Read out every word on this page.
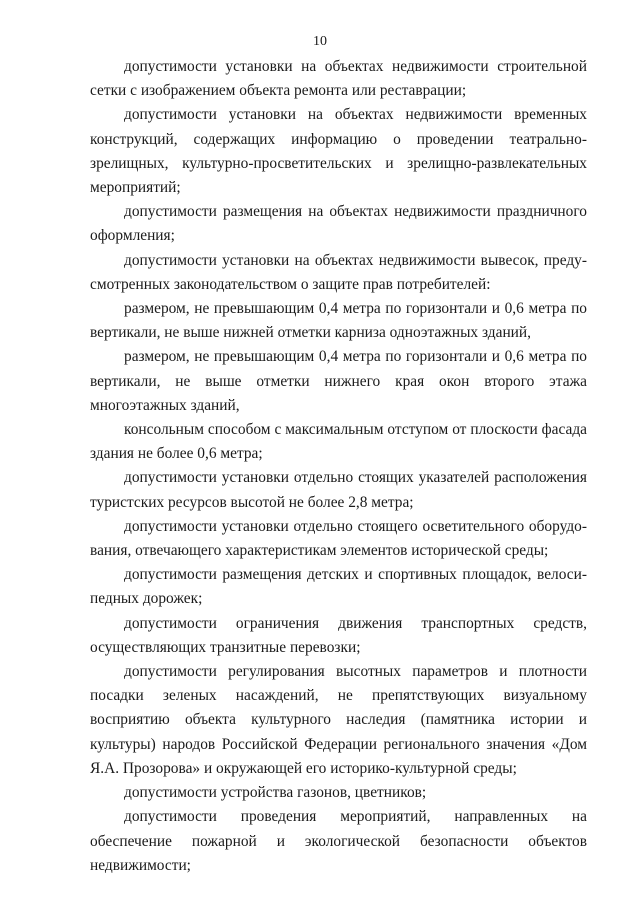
10

допустимости установки на объектах недвижимости строительной сетки с изображением объекта ремонта или реставрации;

допустимости установки на объектах недвижимости временных конструкций, содержащих информацию о проведении театрально-зрелищных, культурно-просветительских и зрелищно-развлекательных мероприятий;

допустимости размещения на объектах недвижимости праздничного оформления;

допустимости установки на объектах недвижимости вывесок, предусмотренных законодательством о защите прав потребителей:

размером, не превышающим 0,4 метра по горизонтали и 0,6 метра по вертикали, не выше нижней отметки карниза одноэтажных зданий,

размером, не превышающим 0,4 метра по горизонтали и 0,6 метра по вертикали, не выше отметки нижнего края окон второго этажа многоэтажных зданий,

консольным способом с максимальным отступом от плоскости фасада здания не более 0,6 метра;

допустимости установки отдельно стоящих указателей расположения туристских ресурсов высотой не более 2,8 метра;

допустимости установки отдельно стоящего осветительного оборудования, отвечающего характеристикам элементов исторической среды;

допустимости размещения детских и спортивных площадок, велосипедных дорожек;

допустимости ограничения движения транспортных средств, осуществляющих транзитные перевозки;

допустимости регулирования высотных параметров и плотности посадки зеленых насаждений, не препятствующих визуальному восприятию объекта культурного наследия (памятника истории и культуры) народов Российской Федерации регионального значения «Дом Я.А. Прозорова» и окружающей его историко-культурной среды;

допустимости устройства газонов, цветников;

допустимости проведения мероприятий, направленных на обеспечение пожарной и экологической безопасности объектов недвижимости;
